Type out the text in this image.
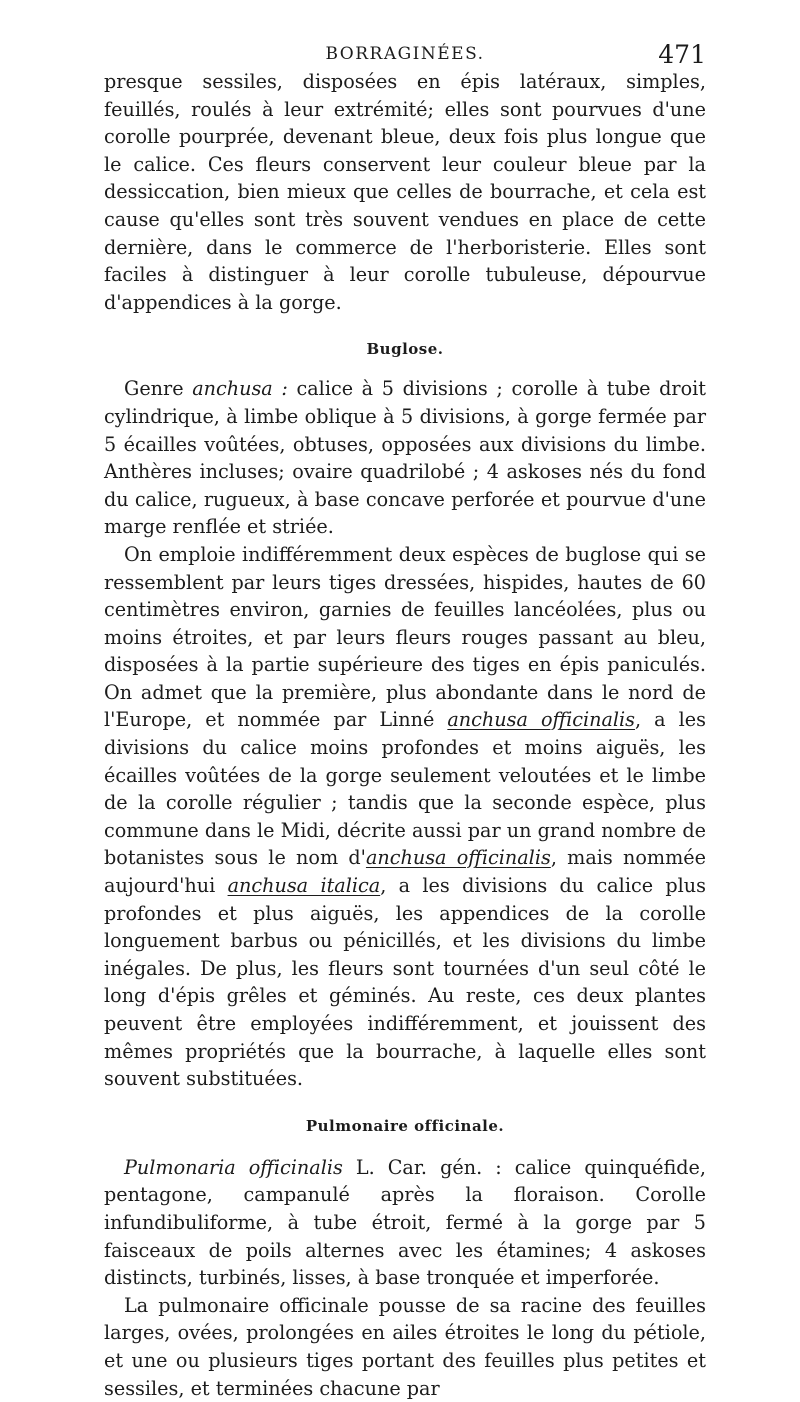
BORRAGINÉES.	471

presque sessiles, disposées en épis latéraux, simples, feuillés, roulés à leur extrémité; elles sont pourvues d'une corolle pourprée, devenant bleue, deux fois plus longue que le calice. Ces fleurs conservent leur couleur bleue par la dessiccation, bien mieux que celles de bourrache, et cela est cause qu'elles sont très souvent vendues en place de cette dernière, dans le commerce de l'herboristerie. Elles sont faciles à distinguer à leur corolle tubuleuse, dépourvue d'appendices à la gorge.

Buglose.

Genre anchusa : calice à 5 divisions ; corolle à tube droit cylindrique, à limbe oblique à 5 divisions, à gorge fermée par 5 écailles voûtées, obtuses, opposées aux divisions du limbe. Anthères incluses; ovaire quadrilobé ; 4 askoses nés du fond du calice, rugueux, à base concave perforée et pourvue d'une marge renflée et striée.

On emploie indifféremment deux espèces de buglose qui se ressemblent par leurs tiges dressées, hispides, hautes de 60 centimètres environ, garnies de feuilles lancéolées, plus ou moins étroites, et par leurs fleurs rouges passant au bleu, disposées à la partie supérieure des tiges en épis paniculés. On admet que la première, plus abondante dans le nord de l'Europe, et nommée par Linné anchusa officinalis, a les divisions du calice moins profondes et moins aiguës, les écailles voûtées de la gorge seulement veloutées et le limbe de la corolle régulier ; tandis que la seconde espèce, plus commune dans le Midi, décrite aussi par un grand nombre de botanistes sous le nom d'anchusa officinalis, mais nommée aujourd'hui anchusa italica, a les divisions du calice plus profondes et plus aiguës, les appendices de la corolle longuement barbus ou pénicillés, et les divisions du limbe inégales. De plus, les fleurs sont tournées d'un seul côté le long d'épis grêles et géminés. Au reste, ces deux plantes peuvent être employées indifféremment, et jouissent des mêmes propriétés que la bourrache, à laquelle elles sont souvent substituées.

Pulmonaire officinale.

Pulmonaria officinalis L. Car. gén. : calice quinquéfide, pentagone, campanulé après la floraison. Corolle infundibuliforme, à tube étroit, fermé à la gorge par 5 faisceaux de poils alternes avec les étamines; 4 askoses distincts, turbinés, lisses, à base tronquée et imperforée.

La pulmonaire officinale pousse de sa racine des feuilles larges, ovées, prolongées en ailes étroites le long du pétiole, et une ou plusieurs tiges portant des feuilles plus petites et sessiles, et terminées chacune par
